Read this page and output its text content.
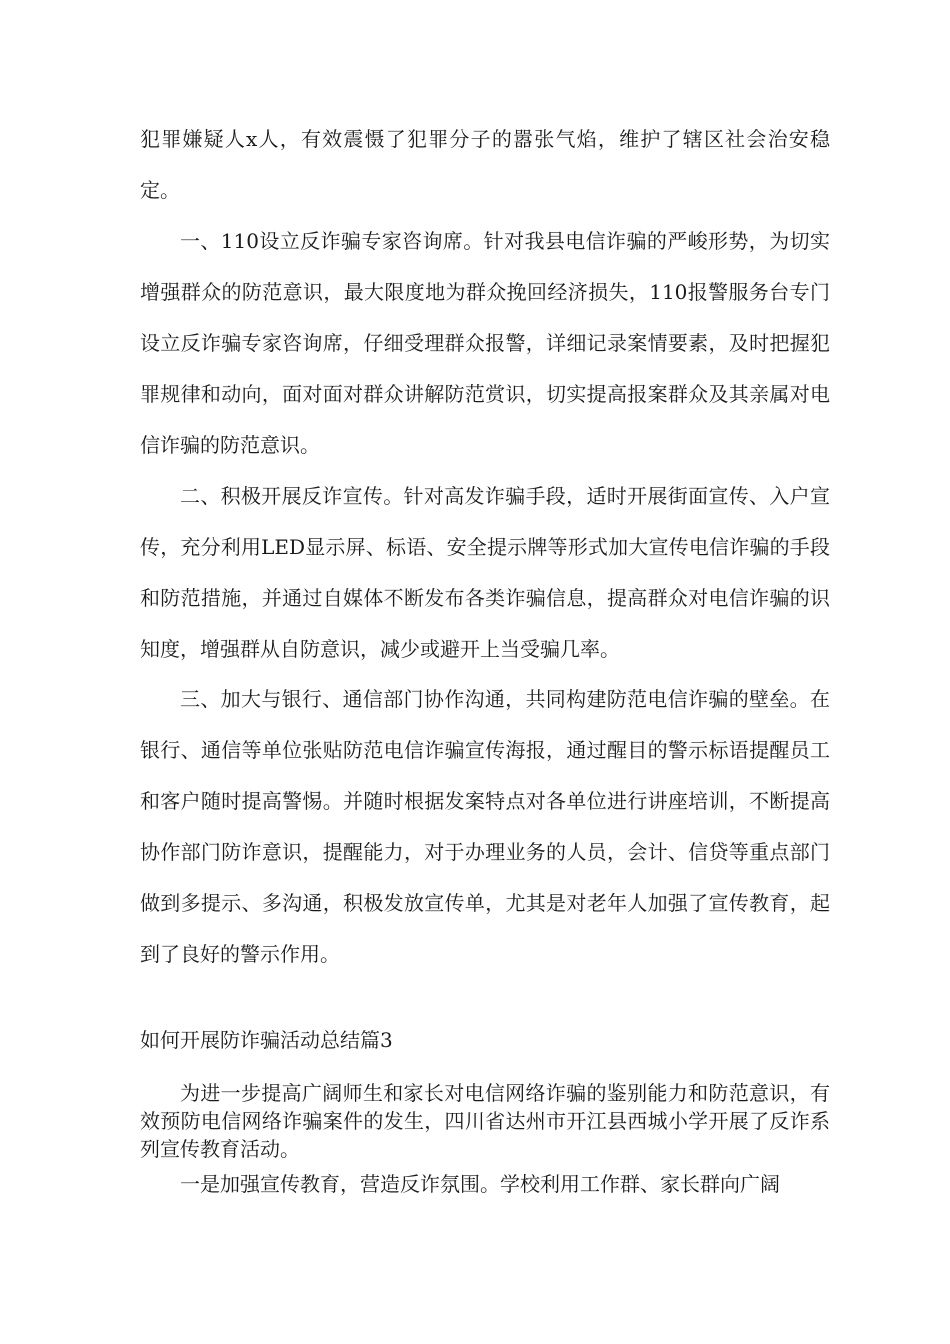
犯罪嫌疑人x人，有效震慑了犯罪分子的嚣张气焰，维护了辖区社会治安稳定。

一、110设立反诈骗专家咨询席。针对我县电信诈骗的严峻形势，为切实增强群众的防范意识，最大限度地为群众挽回经济损失，110报警服务台专门设立反诈骗专家咨询席，仔细受理群众报警，详细记录案情要素，及时把握犯罪规律和动向，面对面对群众讲解防范赏识，切实提高报案群众及其亲属对电信诈骗的防范意识。

二、积极开展反诈宣传。针对高发诈骗手段，适时开展街面宣传、入户宣传，充分利用LED显示屏、标语、安全提示牌等形式加大宣传电信诈骗的手段和防范措施，并通过自媒体不断发布各类诈骗信息，提高群众对电信诈骗的识知度，增强群从自防意识，减少或避开上当受骗几率。

三、加大与银行、通信部门协作沟通，共同构建防范电信诈骗的壁垒。在银行、通信等单位张贴防范电信诈骗宣传海报，通过醒目的警示标语提醒员工和客户随时提高警惕。并随时根据发案特点对各单位进行讲座培训，不断提高协作部门防诈意识，提醒能力，对于办理业务的人员，会计、信贷等重点部门做到多提示、多沟通，积极发放宣传单，尤其是对老年人加强了宣传教育，起到了良好的警示作用。

如何开展防诈骗活动总结篇3

为进一步提高广阔师生和家长对电信网络诈骗的鉴别能力和防范意识，有效预防电信网络诈骗案件的发生，四川省达州市开江县西城小学开展了反诈系列宣传教育活动。

一是加强宣传教育，营造反诈氛围。学校利用工作群、家长群向广阔
